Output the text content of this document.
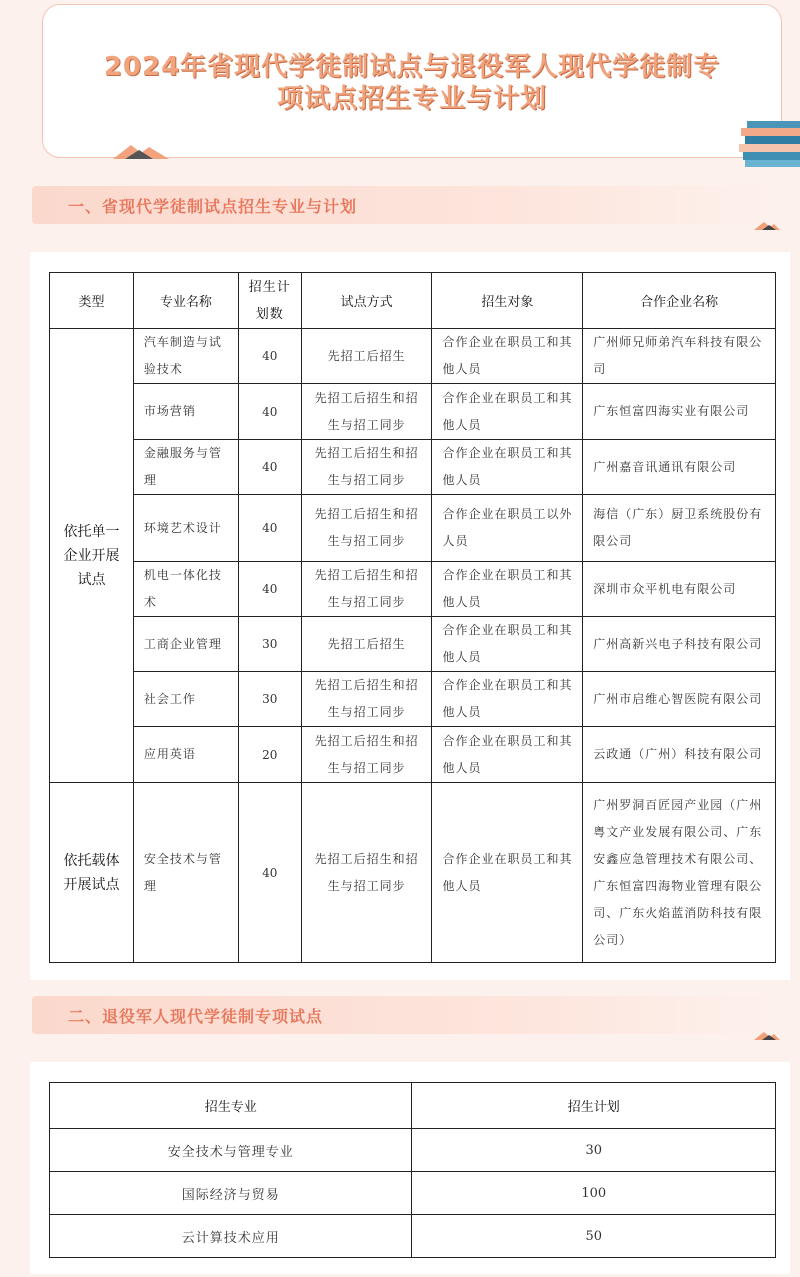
2024年省现代学徒制试点与退役军人现代学徒制专
项试点招生专业与计划
一、省现代学徒制试点招生专业与计划
类型	专业名称	招生计划数	试点方式	招生对象	合作企业名称
依托单一企业开展试点	汽车制造与试验技术	40	先招工后招生	合作企业在职员工和其他人员	广州师兄师弟汽车科技有限公司
	市场营销	40	先招工后招生和招生与招工同步	合作企业在职员工和其他人员	广东恒富四海实业有限公司
	金融服务与管理	40	先招工后招生和招生与招工同步	合作企业在职员工和其他人员	广州嘉音讯通讯有限公司
	环境艺术设计	40	先招工后招生和招生与招工同步	合作企业在职员工以外人员	海信（广东）厨卫系统股份有限公司
	机电一体化技术	40	先招工后招生和招生与招工同步	合作企业在职员工和其他人员	深圳市众平机电有限公司
	工商企业管理	30	先招工后招生	合作企业在职员工和其他人员	广州高新兴电子科技有限公司
	社会工作	30	先招工后招生和招生与招工同步	合作企业在职员工和其他人员	广州市启维心智医院有限公司
	应用英语	20	先招工后招生和招生与招工同步	合作企业在职员工和其他人员	云政通（广州）科技有限公司
依托载体开展试点	安全技术与管理	40	先招工后招生和招生与招工同步	合作企业在职员工和其他人员	广州罗洞百匠园产业园（广州粤文产业发展有限公司、广东安鑫应急管理技术有限公司、广东恒富四海物业管理有限公司、广东火焰蓝消防科技有限公司）
二、退役军人现代学徒制专项试点
招生专业	招生计划
安全技术与管理专业	30
国际经济与贸易	100
云计算技术应用	50
